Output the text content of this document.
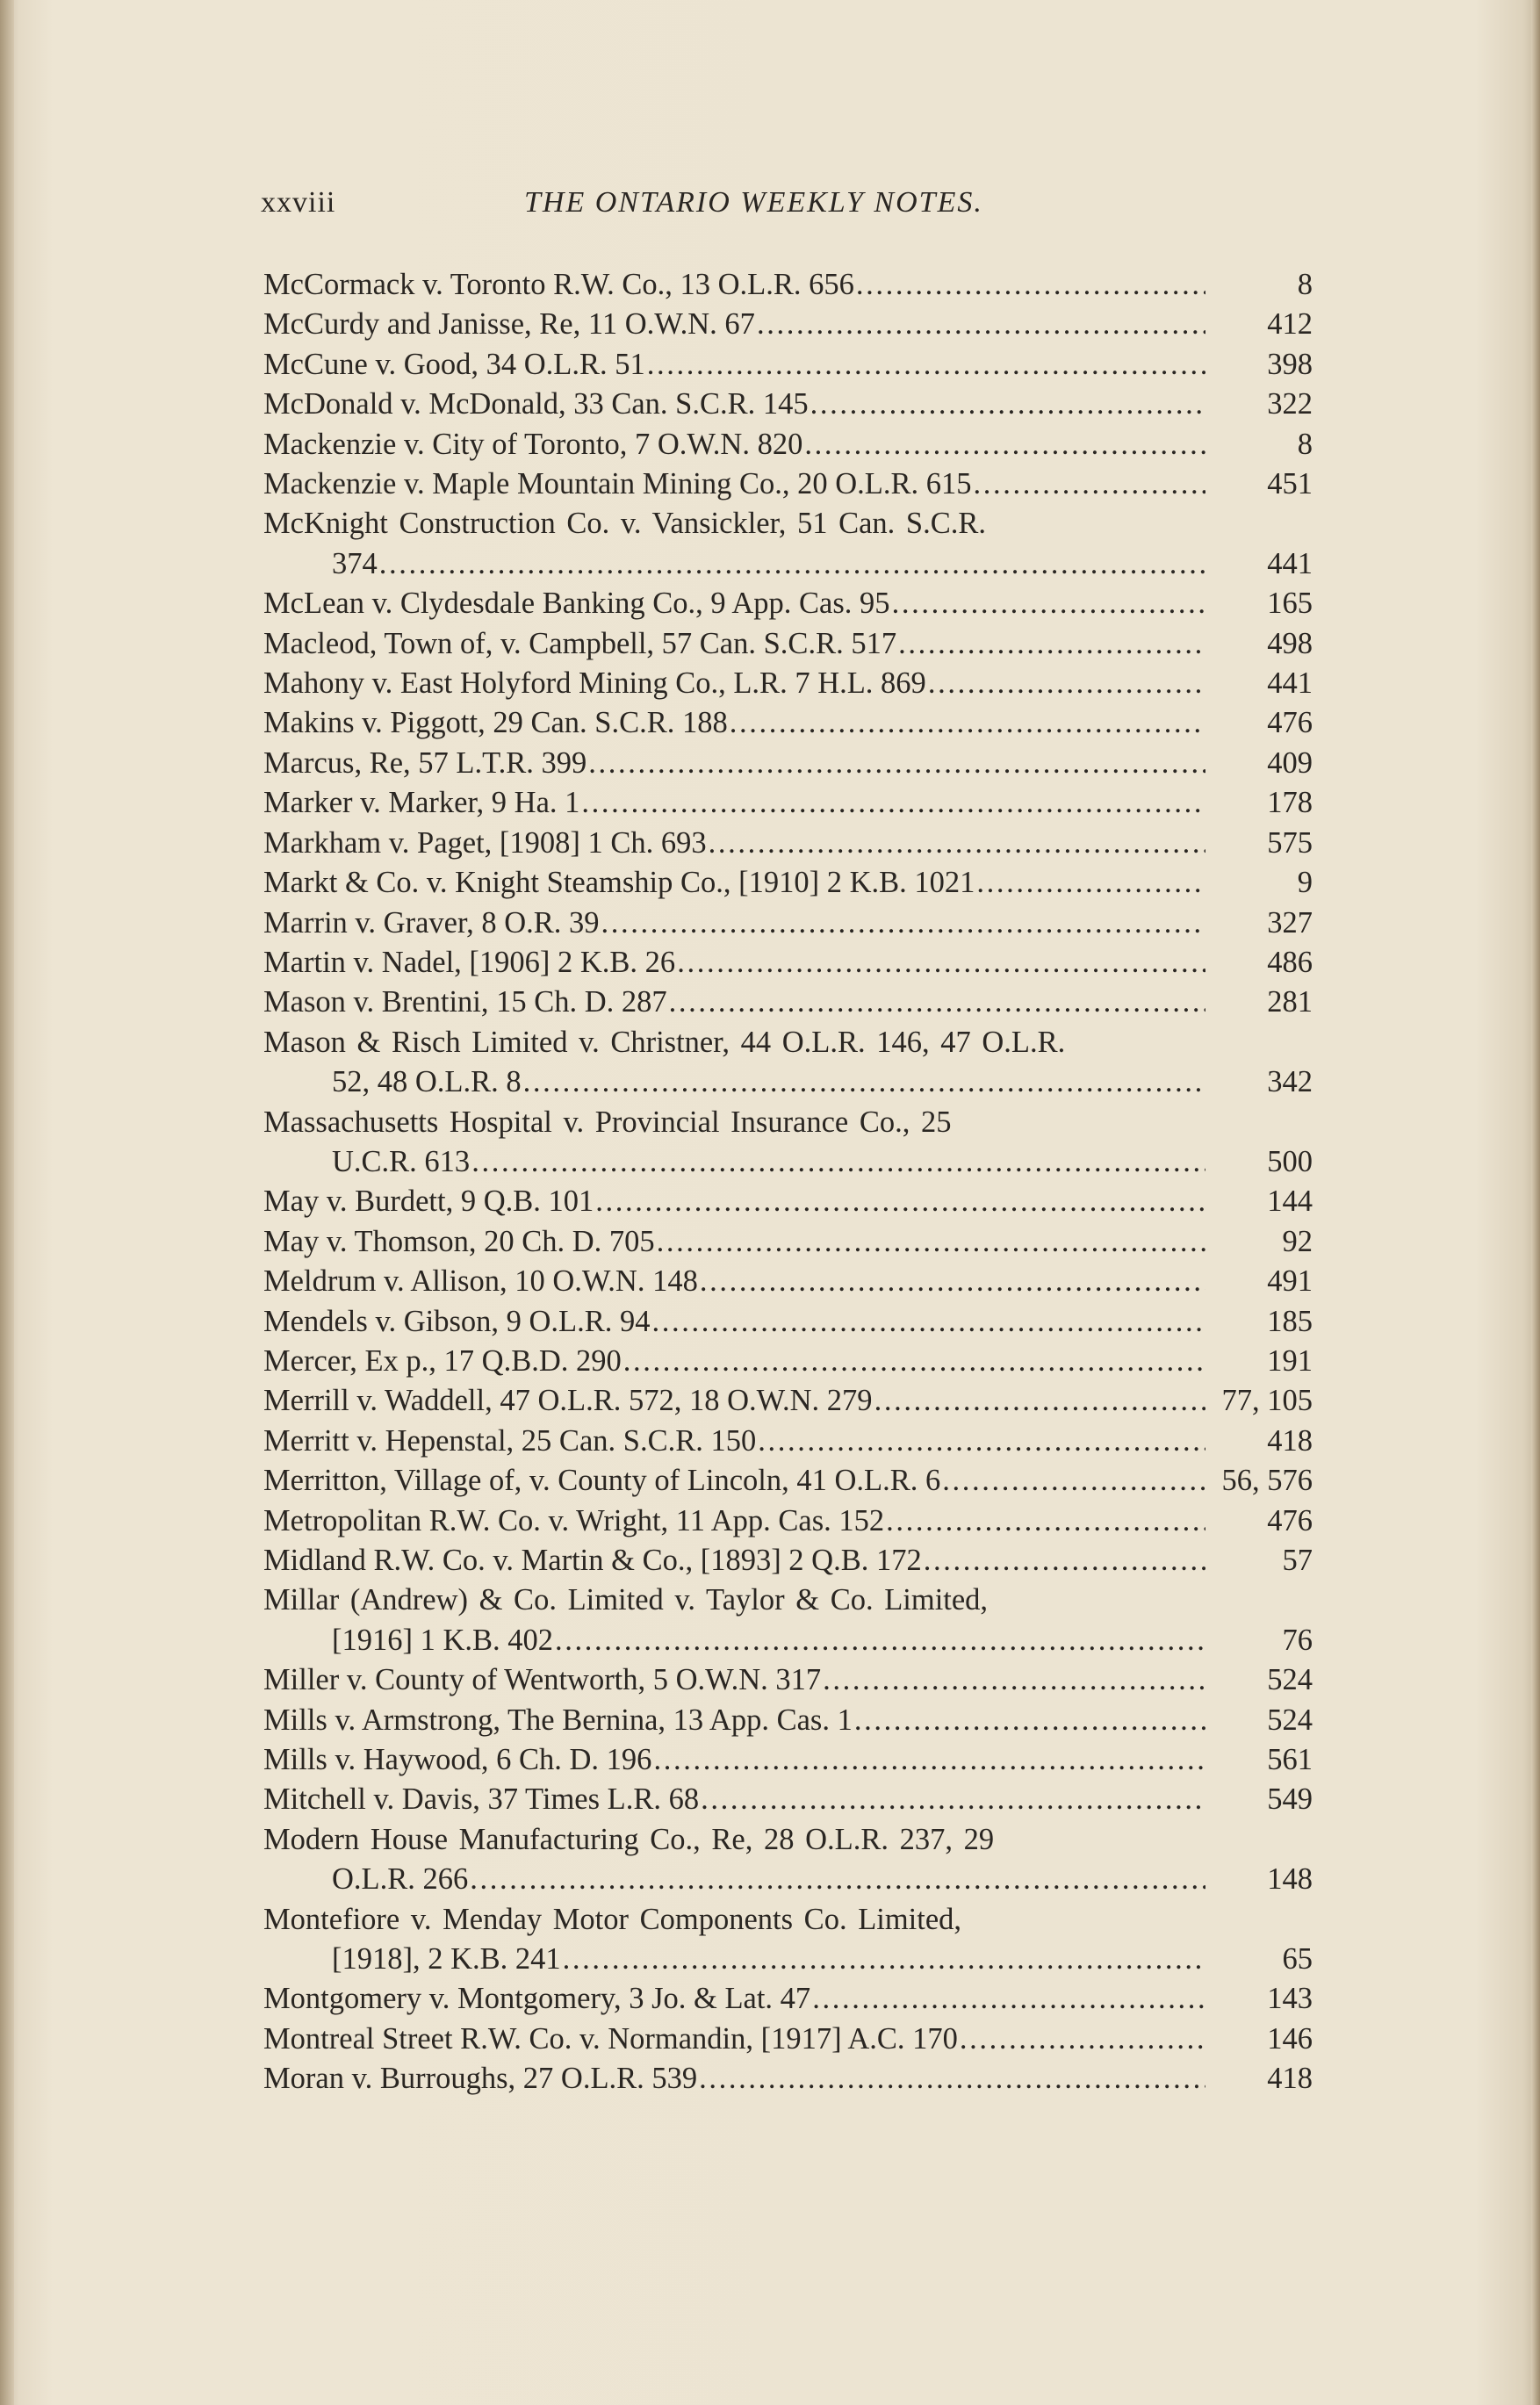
xxviii	THE ONTARIO WEEKLY NOTES.
McCormack v. Toronto R.W. Co., 13 O.L.R. 656 . . .	8
McCurdy and Janisse, Re, 11 O.W.N. 67 . . .	412
McCune v. Good, 34 O.L.R. 51 . . .	398
McDonald v. McDonald, 33 Can. S.C.R. 145 . . .	322
Mackenzie v. City of Toronto, 7 O.W.N. 820 . . .	8
Mackenzie v. Maple Mountain Mining Co., 20 O.L.R. 615 . . .	451
McKnight Construction Co. v. Vansickler, 51 Can. S.C.R.
374 . . .	441
McLean v. Clydesdale Banking Co., 9 App. Cas. 95 . . .	165
Macleod, Town of, v. Campbell, 57 Can. S.C.R. 517 . . .	498
Mahony v. East Holyford Mining Co., L.R. 7 H.L. 869 . . .	441
Makins v. Piggott, 29 Can. S.C.R. 188 . . .	476
Marcus, Re, 57 L.T.R. 399 . . .	409
Marker v. Marker, 9 Ha. 1 . . .	178
Markham v. Paget, [1908] 1 Ch. 693 . . .	575
Markt & Co. v. Knight Steamship Co., [1910] 2 K.B. 1021 . . .	9
Marrin v. Graver, 8 O.R. 39 . . .	327
Martin v. Nadel, [1906] 2 K.B. 26 . . .	486
Mason v. Brentini, 15 Ch. D. 287 . . .	281
Mason & Risch Limited v. Christner, 44 O.L.R. 146, 47 O.L.R.
52, 48 O.L.R. 8 . . .	342
Massachusetts Hospital v. Provincial Insurance Co., 25
U.C.R. 613 . . .	500
May v. Burdett, 9 Q.B. 101 . . .	144
May v. Thomson, 20 Ch. D. 705 . . .	92
Meldrum v. Allison, 10 O.W.N. 148 . . .	491
Mendels v. Gibson, 9 O.L.R. 94 . . .	185
Mercer, Ex p., 17 Q.B.D. 290 . . .	191
Merrill v. Waddell, 47 O.L.R. 572, 18 O.W.N. 279 . . .	77, 105
Merritt v. Hepenstal, 25 Can. S.C.R. 150 . . .	418
Merritton, Village of, v. County of Lincoln, 41 O.L.R. 6 . . .	56, 576
Metropolitan R.W. Co. v. Wright, 11 App. Cas. 152 . . .	476
Midland R.W. Co. v. Martin & Co., [1893] 2 Q.B. 172 . . .	57
Millar (Andrew) & Co. Limited v. Taylor & Co. Limited,
[1916] 1 K.B. 402 . . .	76
Miller v. County of Wentworth, 5 O.W.N. 317 . . .	524
Mills v. Armstrong, The Bernina, 13 App. Cas. 1 . . .	524
Mills v. Haywood, 6 Ch. D. 196 . . .	561
Mitchell v. Davis, 37 Times L.R. 68 . . .	549
Modern House Manufacturing Co., Re, 28 O.L.R. 237, 29
O.L.R. 266 . . .	148
Montefiore v. Menday Motor Components Co. Limited,
[1918], 2 K.B. 241 . . .	65
Montgomery v. Montgomery, 3 Jo. & Lat. 47 . . .	143
Montreal Street R.W. Co. v. Normandin, [1917] A.C. 170 . . .	146
Moran v. Burroughs, 27 O.L.R. 539 . . .	418
